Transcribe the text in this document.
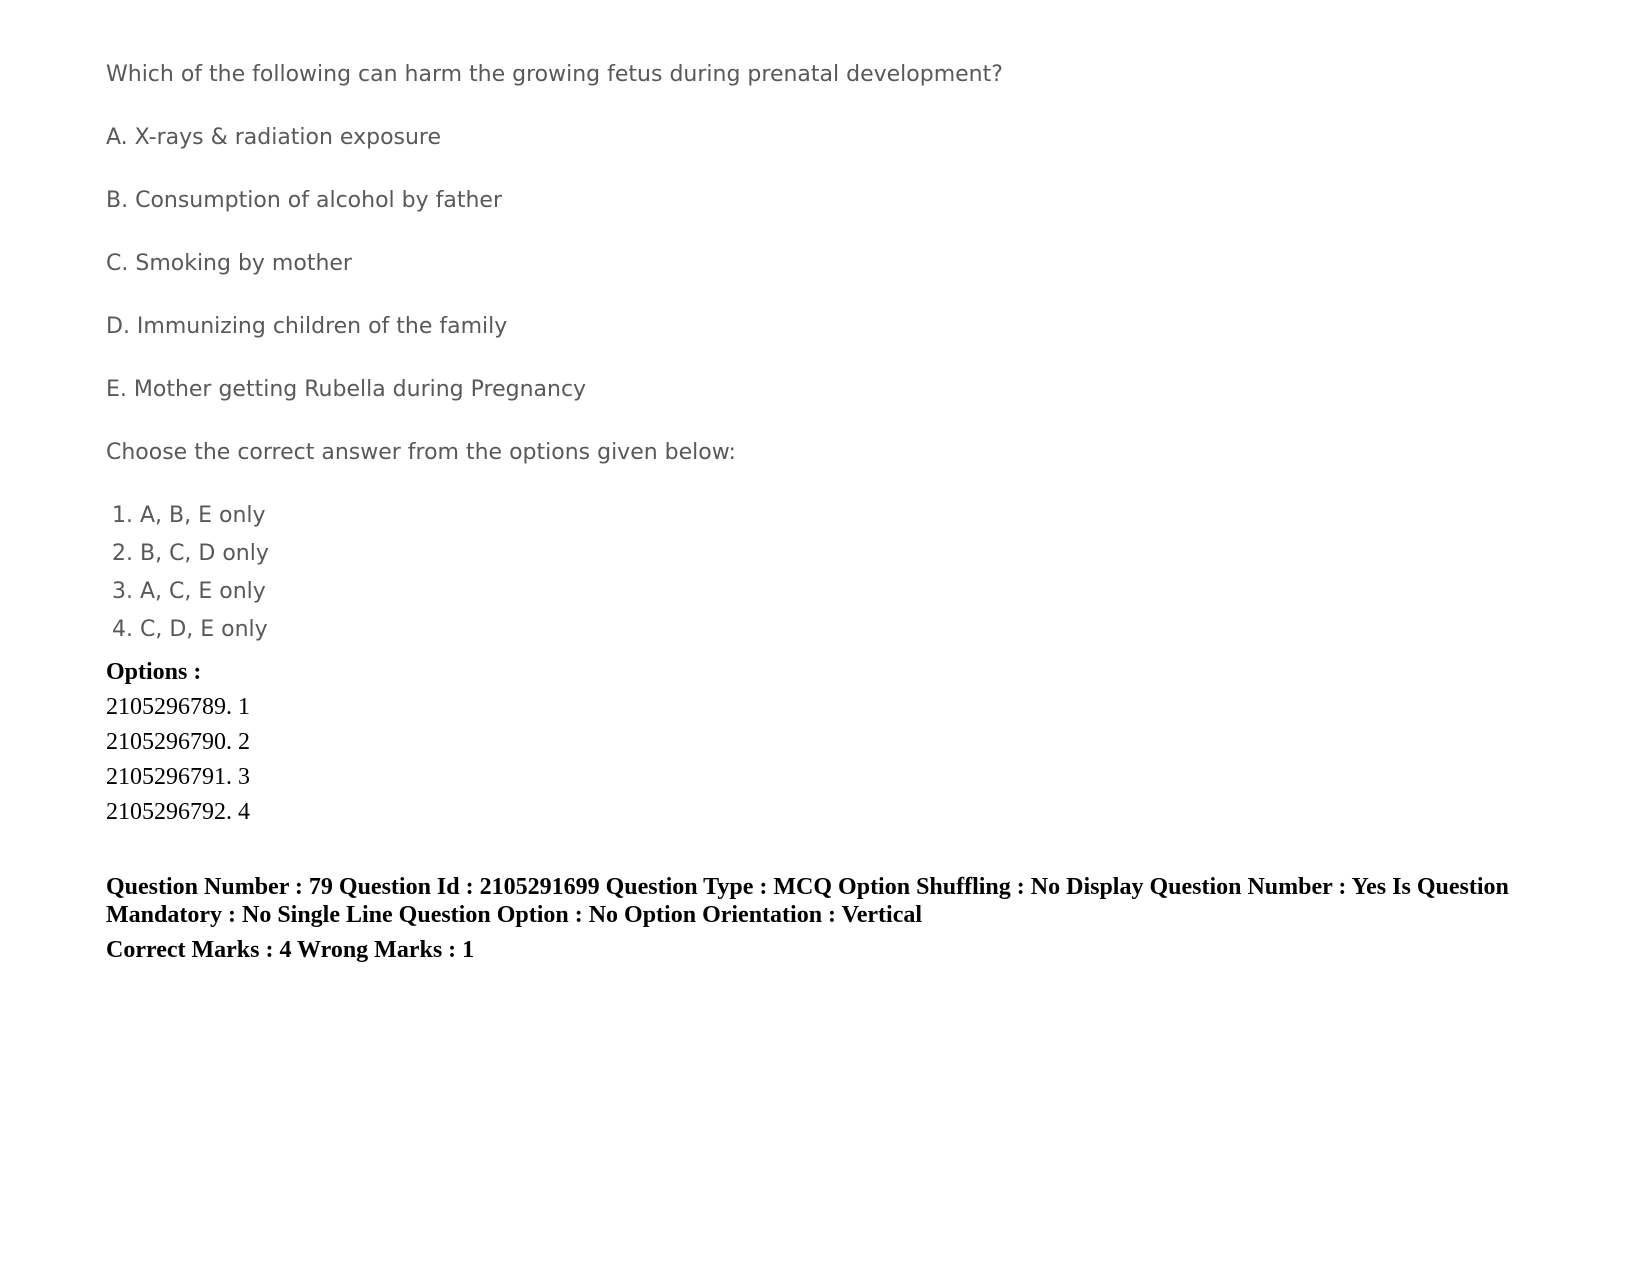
Which of the following can harm the growing fetus during prenatal development?
A. X-rays & radiation exposure
B. Consumption of alcohol by father
C. Smoking by mother
D. Immunizing children of the family
E. Mother getting Rubella during Pregnancy
Choose the correct answer from the options given below:
1. A, B, E only
2. B, C, D only
3. A, C, E only
4. C, D, E only
Options :
2105296789. 1
2105296790. 2
2105296791. 3
2105296792. 4
Question Number : 79 Question Id : 2105291699 Question Type : MCQ Option Shuffling : No Display Question Number : Yes Is Question Mandatory : No Single Line Question Option : No Option Orientation : Vertical
Correct Marks : 4 Wrong Marks : 1
